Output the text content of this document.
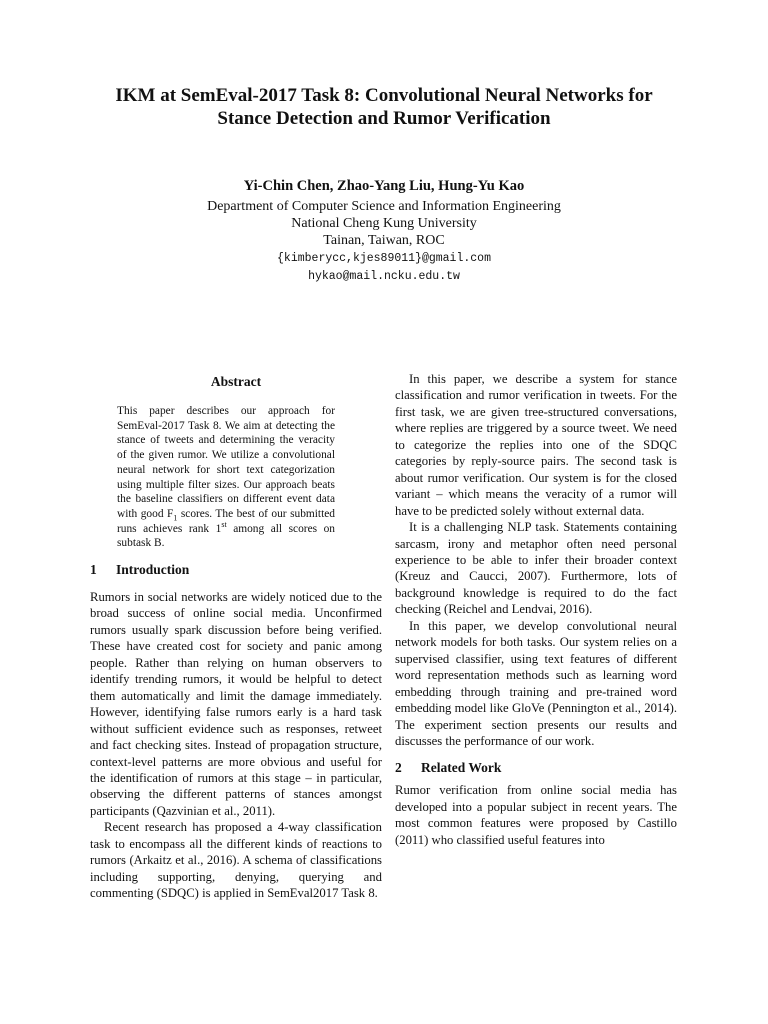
IKM at SemEval-2017 Task 8: Convolutional Neural Networks for
Stance Detection and Rumor Verification
Yi-Chin Chen, Zhao-Yang Liu, Hung-Yu Kao
Department of Computer Science and Information Engineering
National Cheng Kung University
Tainan, Taiwan, ROC
{kimberycc,kjes89011}@gmail.com
hykao@mail.ncku.edu.tw
Abstract

This paper describes our approach for SemEval-2017 Task 8. We aim at detecting the stance of tweets and determining the veracity of the given rumor. We utilize a convolutional neural network for short text categorization using multiple filter sizes. Our approach beats the baseline classifiers on different event data with good $F_1$ scores. The best of our submitted runs achieves rank 1st among all scores on subtask B.

1	Introduction

Rumors in social networks are widely noticed due to the broad success of online social media. Unconfirmed rumors usually spark discussion before being verified. These have created cost for society and panic among people. Rather than relying on human observers to identify trending rumors, it would be helpful to detect them automatically and limit the damage immediately. However, identifying false rumors early is a hard task without sufficient evidence such as responses, retweet and fact checking sites. Instead of propagation structure, context-level patterns are more obvious and useful for the identification of rumors at this stage – in particular, observing the different patterns of stances amongst participants (Qazvinian et al., 2011).

Recent research has proposed a 4-way classification task to encompass all the different kinds of reactions to rumors (Arkaitz et al., 2016). A schema of classifications including supporting, denying, querying and commenting (SDQC) is applied in SemEval2017 Task 8.

In this paper, we describe a system for stance classification and rumor verification in tweets. For the first task, we are given tree-structured conversations, where replies are triggered by a source tweet. We need to categorize the replies into one of the SDQC categories by reply-source pairs. The second task is about rumor verification. Our system is for the closed variant – which means the veracity of a rumor will have to be predicted solely without external data.

It is a challenging NLP task. Statements containing sarcasm, irony and metaphor often need personal experience to be able to infer their broader context (Kreuz and Caucci, 2007). Furthermore, lots of background knowledge is required to do the fact checking (Reichel and Lendvai, 2016).

In this paper, we develop convolutional neural network models for both tasks. Our system relies on a supervised classifier, using text features of different word representation methods such as learning word embedding through training and pre-trained word embedding model like GloVe (Pennington et al., 2014). The experiment section presents our results and discusses the performance of our work.

2	Related Work

Rumor verification from online social media has developed into a popular subject in recent years. The most common features were proposed by Castillo (2011) who classified useful features into
